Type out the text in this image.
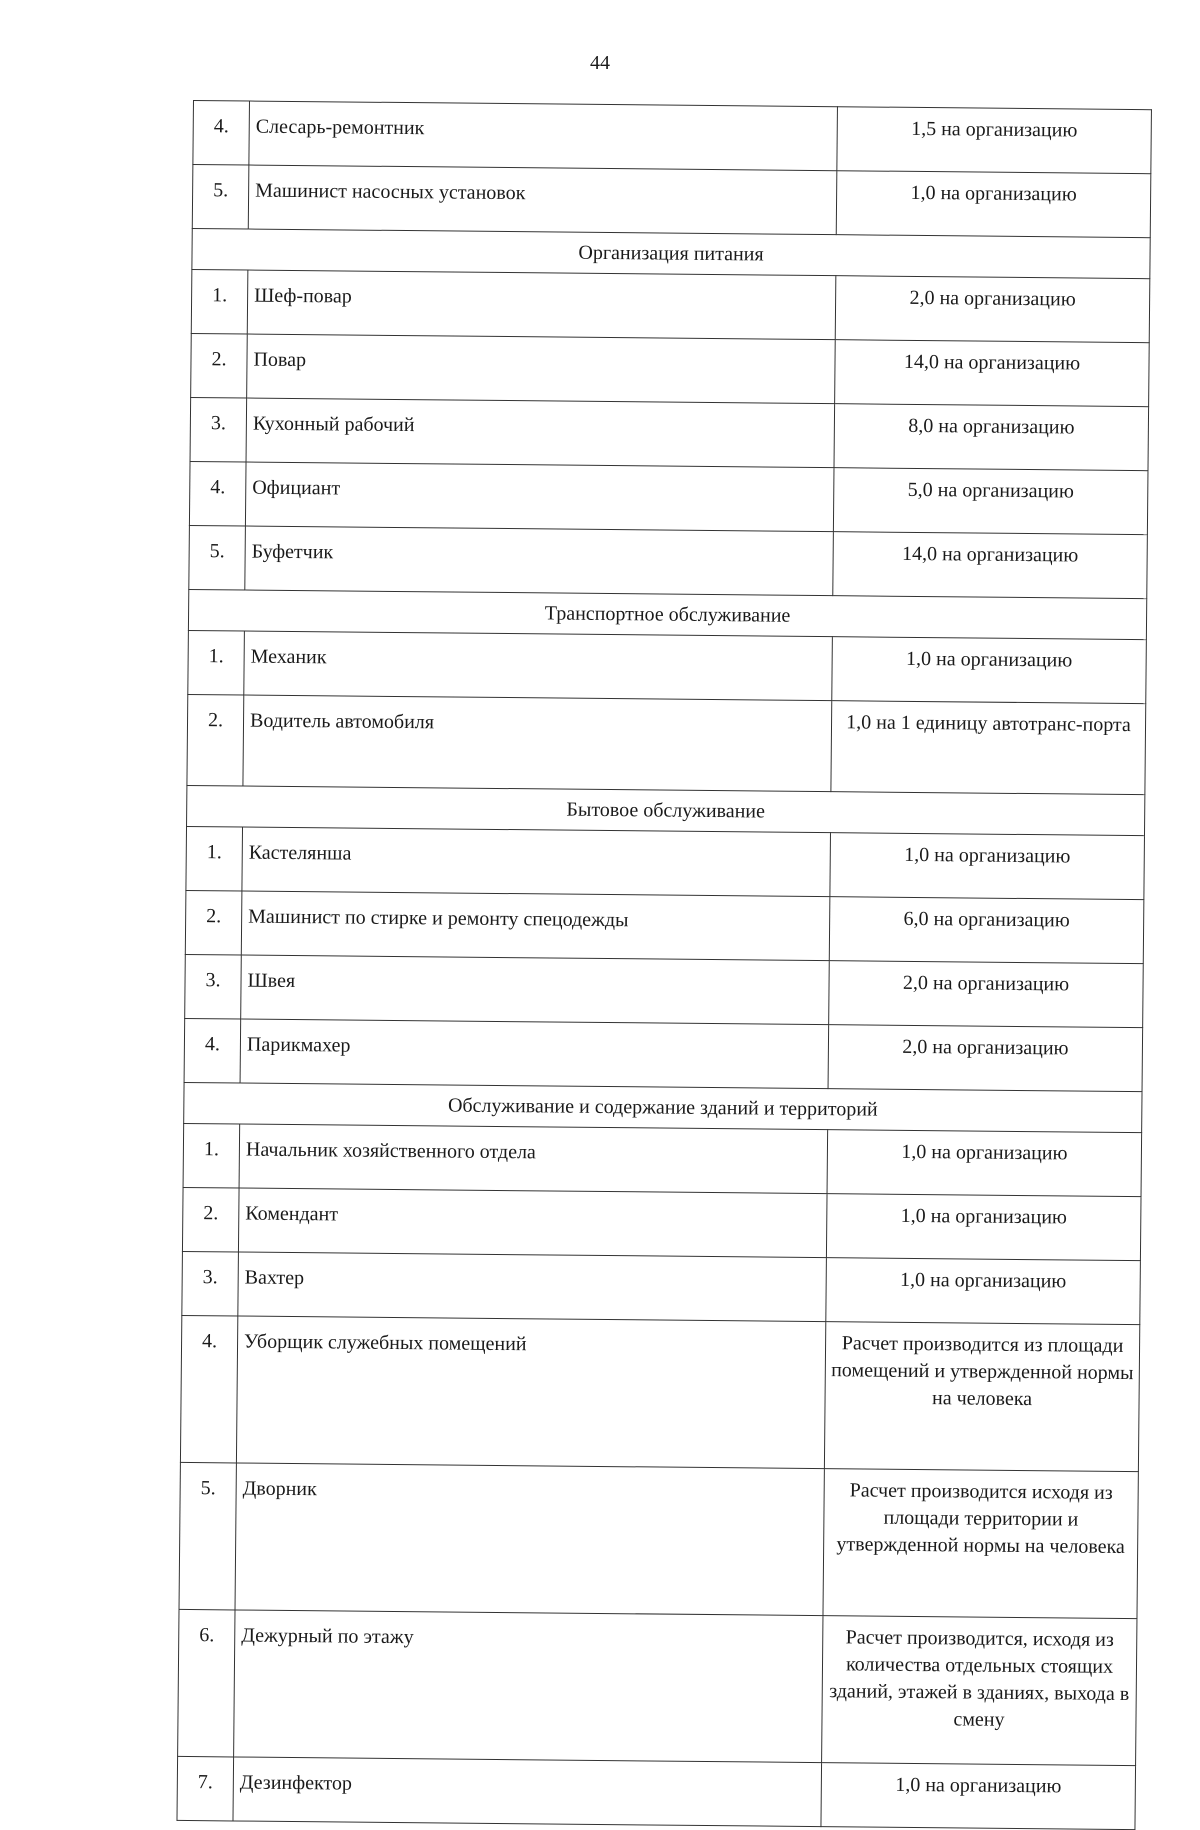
44
4.	Слесарь-ремонтник	1,5 на организацию
5.	Машинист насосных установок	1,0 на организацию
Организация питания		
1.	Шеф-повар	2,0 на организацию
2.	Повар	14,0 на организацию
3.	Кухонный рабочий	8,0 на организацию
4.	Официант	5,0 на организацию
5.	Буфетчик	14,0 на организацию
Транспортное обслуживание		
1.	Механик	1,0 на организацию
2.	Водитель автомобиля	1,0 на 1 единицу автотранс-порта
Бытовое обслуживание		
1.	Кастелянша	1,0 на организацию
2.	Машинист по стирке и ремонту спецодежды	6,0 на организацию
3.	Швея	2,0 на организацию
4.	Парикмахер	2,0 на организацию
Обслуживание и содержание зданий и территорий		
1.	Начальник хозяйственного отдела	1,0 на организацию
2.	Комендант	1,0 на организацию
3.	Вахтер	1,0 на организацию
4.	Уборщик служебных помещений	Расчет производится из площади помещений и утвержденной нормы на человека
5.	Дворник	Расчет производится исходя из площади территории и утвержденной нормы на человека
6.	Дежурный по этажу	Расчет производится, исходя из количества отдельных стоящих зданий, этажей в зданиях, выхода в смену
7.	Дезинфектор	1,0 на организацию
